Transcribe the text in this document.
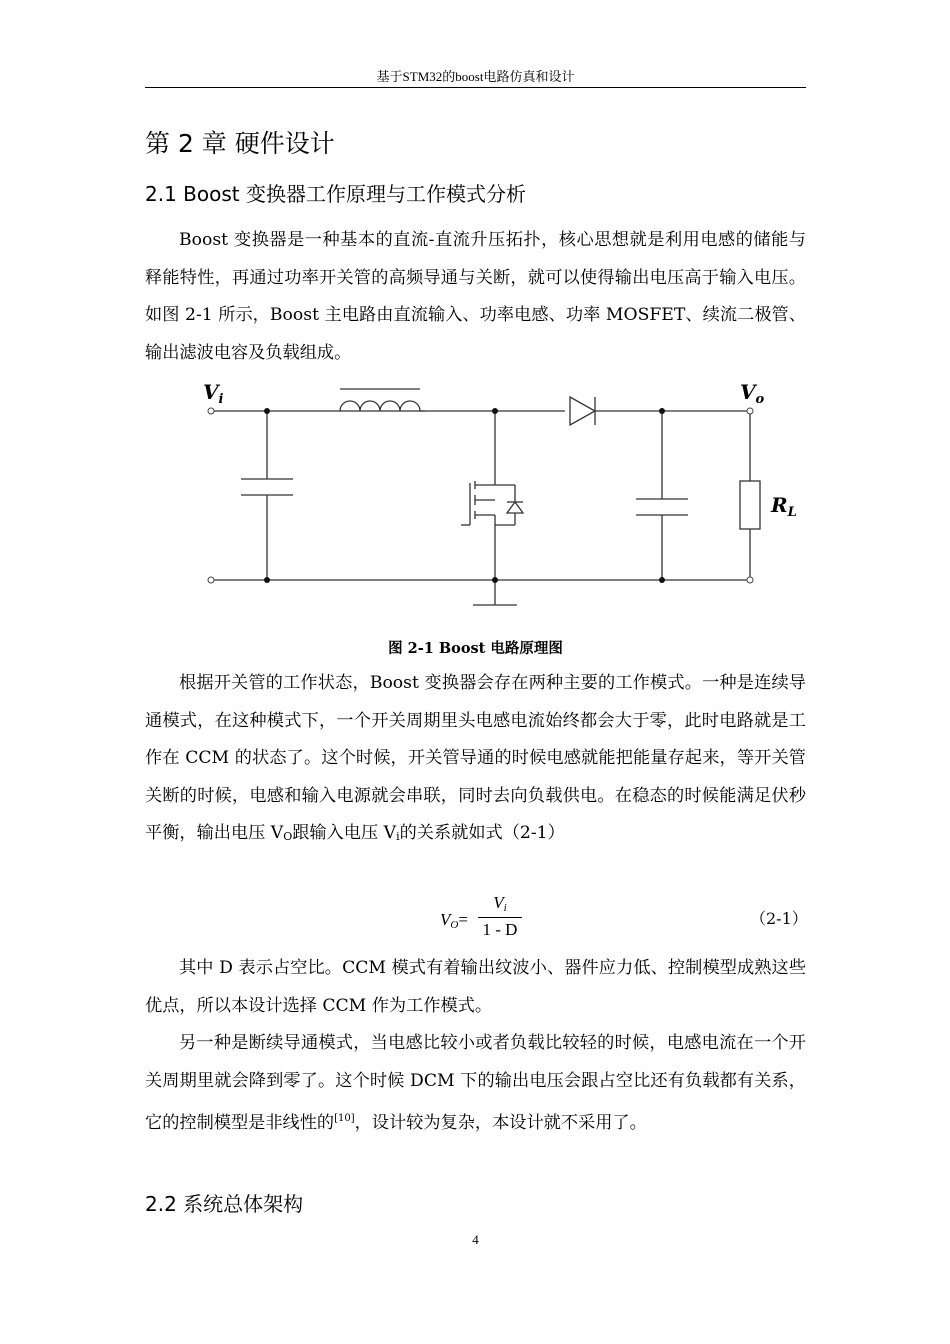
基于STM32的boost电路仿真和设计
第 2 章 硬件设计
2.1 Boost 变换器工作原理与工作模式分析

Boost 变换器是一种基本的直流-直流升压拓扑，核心思想就是利用电感的储能与释能特性，再通过功率开关管的高频导通与关断，就可以使得输出电压高于输入电压。如图 2-1 所示，Boost 主电路由直流输入、功率电感、功率 MOSFET、续流二极管、输出滤波电容及负载组成。

$V_i$	$V_o$
$R_L$
图 2-1 Boost 电路原理图

根据开关管的工作状态，Boost 变换器会存在两种主要的工作模式。一种是连续导通模式，在这种模式下，一个开关周期里头电感电流始终都会大于零，此时电路就是工作在 CCM 的状态了。这个时候，开关管导通的时候电感就能把能量存起来，等开关管关断的时候，电感和输入电源就会串联，同时去向负载供电。在稳态的时候能满足伏秒平衡，输出电压 VO跟输入电压 Vi的关系就如式（2-1）

VO=
Vi
1 - D
（2-1）

其中 D 表示占空比。CCM 模式有着输出纹波小、器件应力低、控制模型成熟这些优点，所以本设计选择 CCM 作为工作模式。

另一种是断续导通模式，当电感比较小或者负载比较轻的时候，电感电流在一个开关周期里就会降到零了。这个时候 DCM 下的输出电压会跟占空比还有负载都有关系，它的控制模型是非线性的[10]，设计较为复杂，本设计就不采用了。

2.2 系统总体架构
4
